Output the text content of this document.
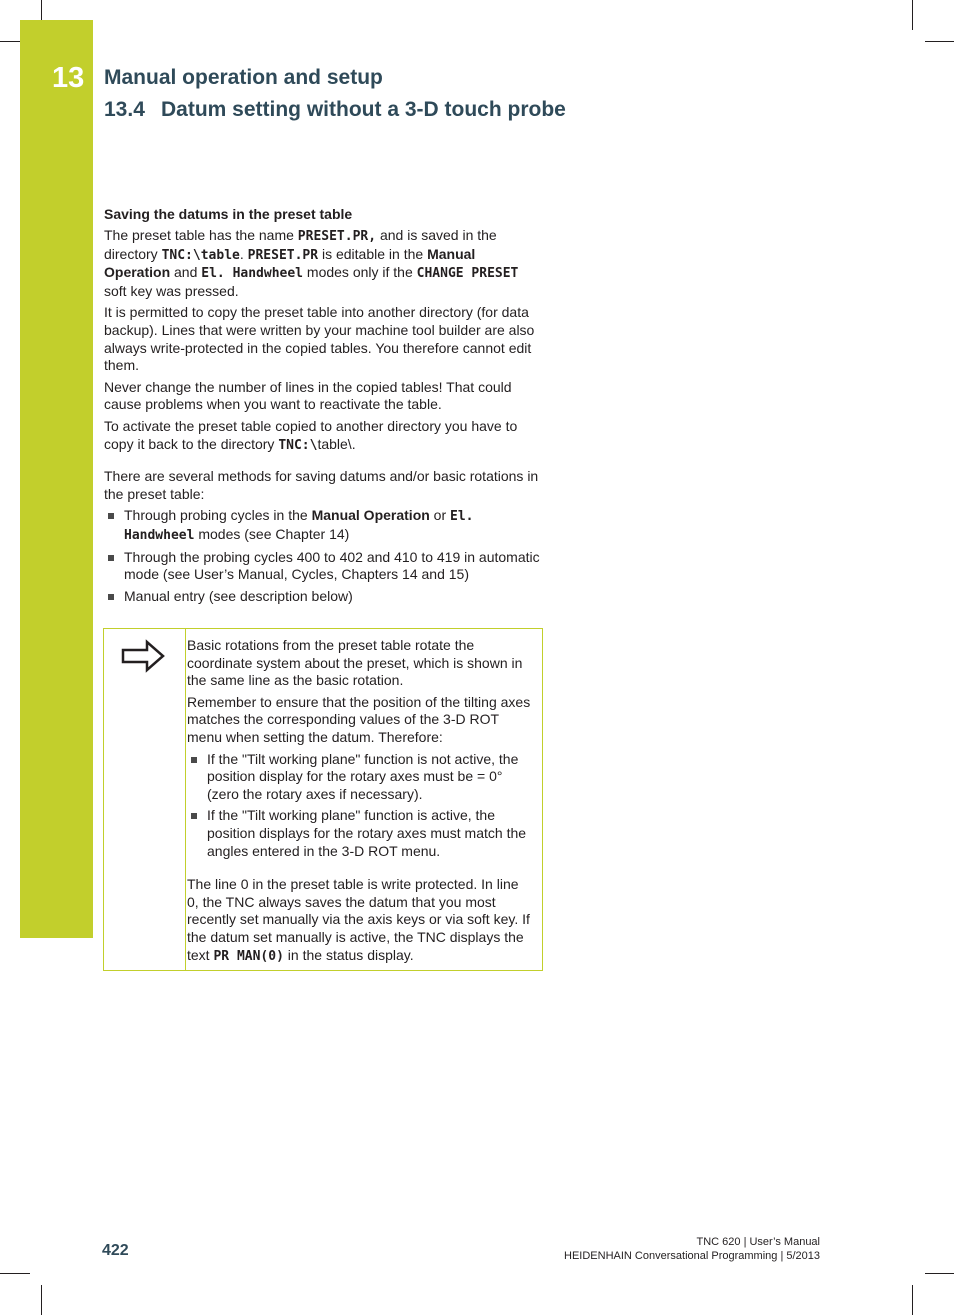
13 Manual operation and setup
13.4 Datum setting without a 3-D touch probe
Saving the datums in the preset table

The preset table has the name PRESET.PR, and is saved in the directory TNC:\table. PRESET.PR is editable in the Manual Operation and El. Handwheel modes only if the CHANGE PRESET soft key was pressed.

It is permitted to copy the preset table into another directory (for data backup). Lines that were written by your machine tool builder are also always write-protected in the copied tables. You therefore cannot edit them.

Never change the number of lines in the copied tables! That could cause problems when you want to reactivate the table.

To activate the preset table copied to another directory you have to copy it back to the directory TNC:\table\.

There are several methods for saving datums and/or basic rotations in the preset table:

Through probing cycles in the Manual Operation or El. Handwheel modes (see Chapter 14)
Through the probing cycles 400 to 402 and 410 to 419 in automatic mode (see User’s Manual, Cycles, Chapters 14 and 15)
Manual entry (see description below)

Basic rotations from the preset table rotate the coordinate system about the preset, which is shown in the same line as the basic rotation.

Remember to ensure that the position of the tilting axes matches the corresponding values of the 3-D ROT menu when setting the datum. Therefore:

If the "Tilt working plane" function is not active, the position display for the rotary axes must be = 0° (zero the rotary axes if necessary).
If the "Tilt working plane" function is active, the position displays for the rotary axes must match the angles entered in the 3-D ROT menu.

The line 0 in the preset table is write protected. In line 0, the TNC always saves the datum that you most recently set manually via the axis keys or via soft key. If the datum set manually is active, the TNC displays the text PR MAN(0) in the status display.

422	TNC 620 | User’s Manual
HEIDENHAIN Conversational Programming | 5/2013
